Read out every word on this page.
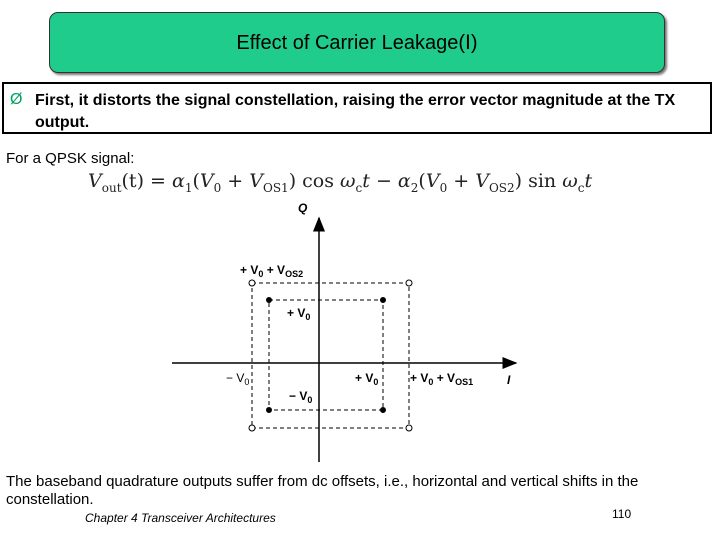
Effect of Carrier Leakage(Ⅰ)
Ø First, it distorts the signal constellation, raising the error vector magnitude at the TX output.
For a QPSK signal:
$V_{out}(t) = \alpha_1(V_0 + V_{OS1})$ $\cos \omega_ct - \alpha_2(V_0 + V_{OS2})$ $\sin \omega_ct$
Q
I
+ $V_0 + V_{OS2}$
+ $V_0$
− $V_0$	+ $V_0$	+ $V_0 + V_{OS1}$
− $V_0$
The baseband quadrature outputs suffer from dc offsets, i.e., horizontal and vertical shifts in the constellation.
Chapter 4 Transceiver Architectures	110
